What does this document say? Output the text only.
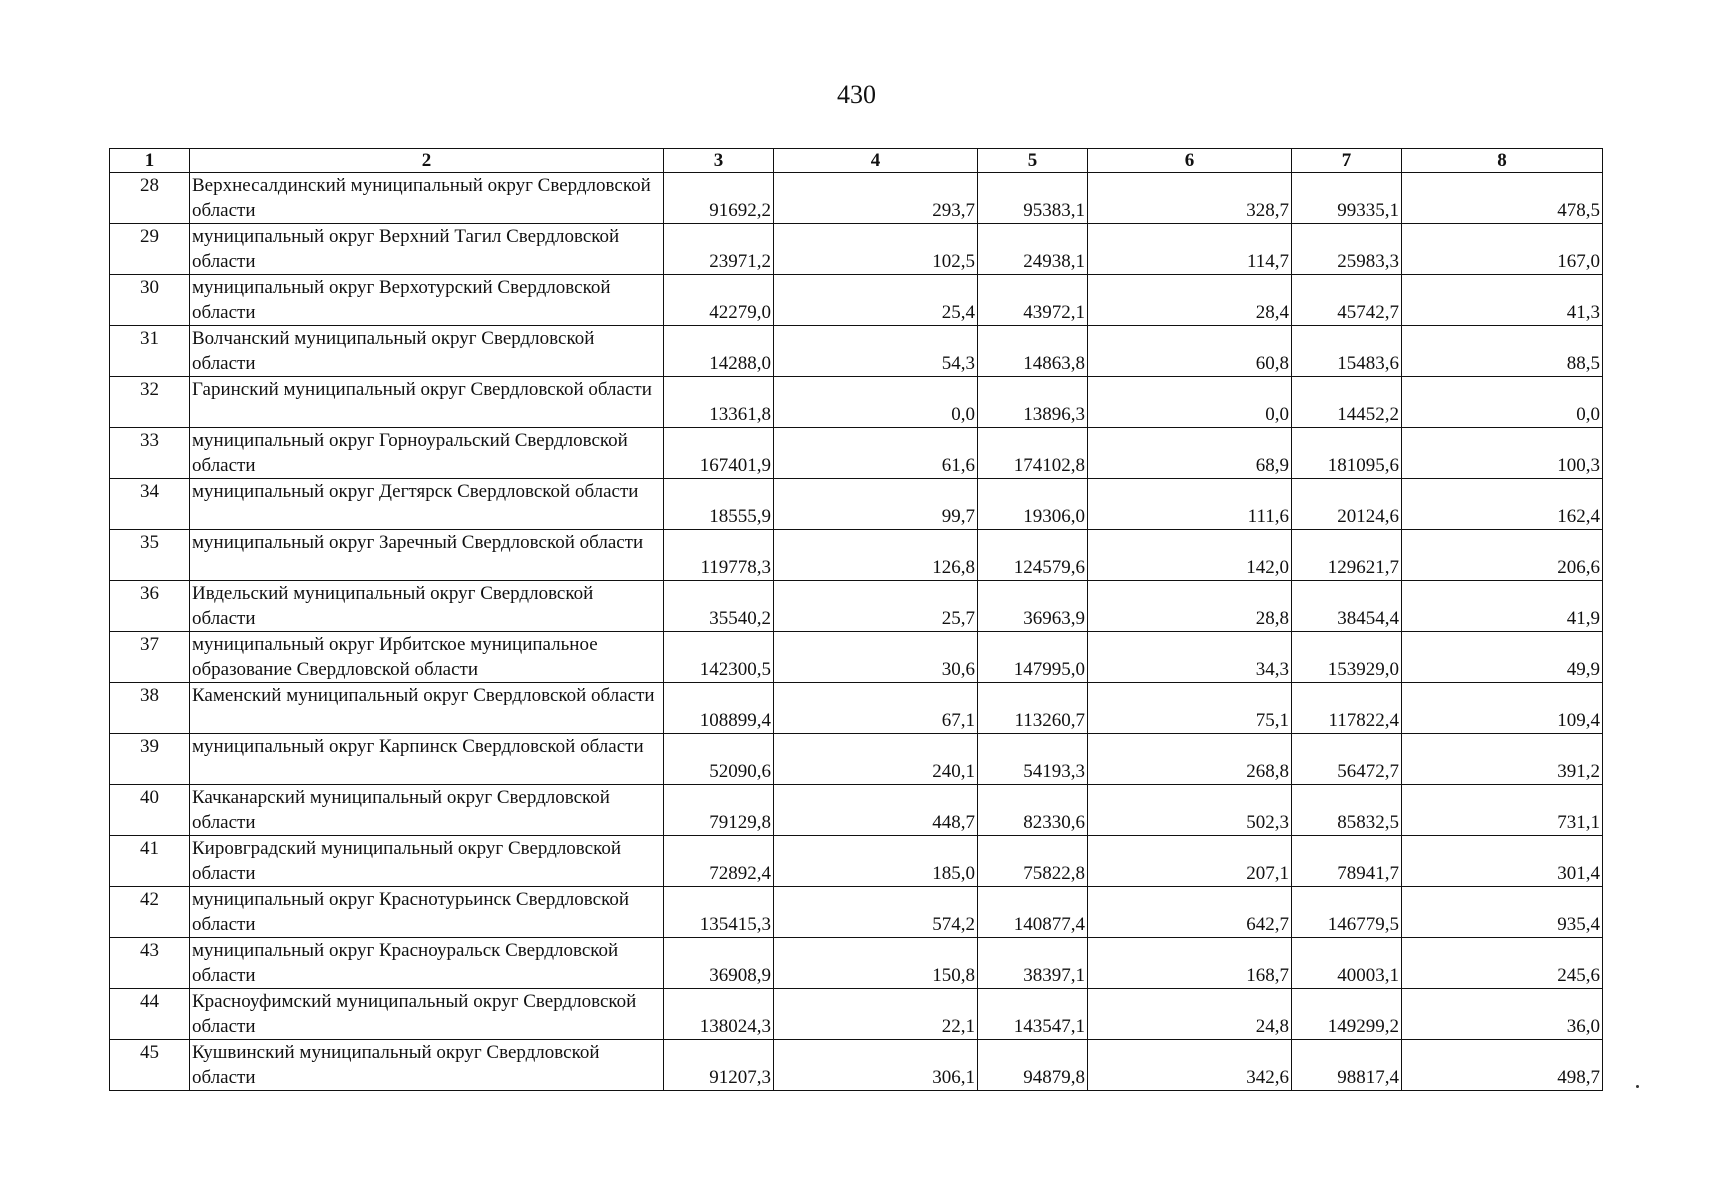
430
1	2	3	4	5	6	7	8
28	Верхнесалдинский муниципальный округ Свердловской области	91692,2	293,7	95383,1	328,7	99335,1	478,5
29	муниципальный округ Верхний Тагил Свердловской области	23971,2	102,5	24938,1	114,7	25983,3	167,0
30	муниципальный округ Верхотурский Свердловской области	42279,0	25,4	43972,1	28,4	45742,7	41,3
31	Волчанский муниципальный округ Свердловской области	14288,0	54,3	14863,8	60,8	15483,6	88,5
32	Гаринский муниципальный округ Свердловской области	13361,8	0,0	13896,3	0,0	14452,2	0,0
33	муниципальный округ Горноуральский Свердловской области	167401,9	61,6	174102,8	68,9	181095,6	100,3
34	муниципальный округ Дегтярск Свердловской области	18555,9	99,7	19306,0	111,6	20124,6	162,4
35	муниципальный округ Заречный Свердловской области	119778,3	126,8	124579,6	142,0	129621,7	206,6
36	Ивдельский муниципальный округ Свердловской области	35540,2	25,7	36963,9	28,8	38454,4	41,9
37	муниципальный округ Ирбитское муниципальное образование Свердловской области	142300,5	30,6	147995,0	34,3	153929,0	49,9
38	Каменский муниципальный округ Свердловской области	108899,4	67,1	113260,7	75,1	117822,4	109,4
39	муниципальный округ Карпинск Свердловской области	52090,6	240,1	54193,3	268,8	56472,7	391,2
40	Качканарский муниципальный округ Свердловской области	79129,8	448,7	82330,6	502,3	85832,5	731,1
41	Кировградский муниципальный округ Свердловской области	72892,4	185,0	75822,8	207,1	78941,7	301,4
42	муниципальный округ Краснотурьинск Свердловской области	135415,3	574,2	140877,4	642,7	146779,5	935,4
43	муниципальный округ Красноуральск Свердловской области	36908,9	150,8	38397,1	168,7	40003,1	245,6
44	Красноуфимский муниципальный округ Свердловской области	138024,3	22,1	143547,1	24,8	149299,2	36,0
45	Кушвинский муниципальный округ Свердловской области	91207,3	306,1	94879,8	342,6	98817,4	498,7
